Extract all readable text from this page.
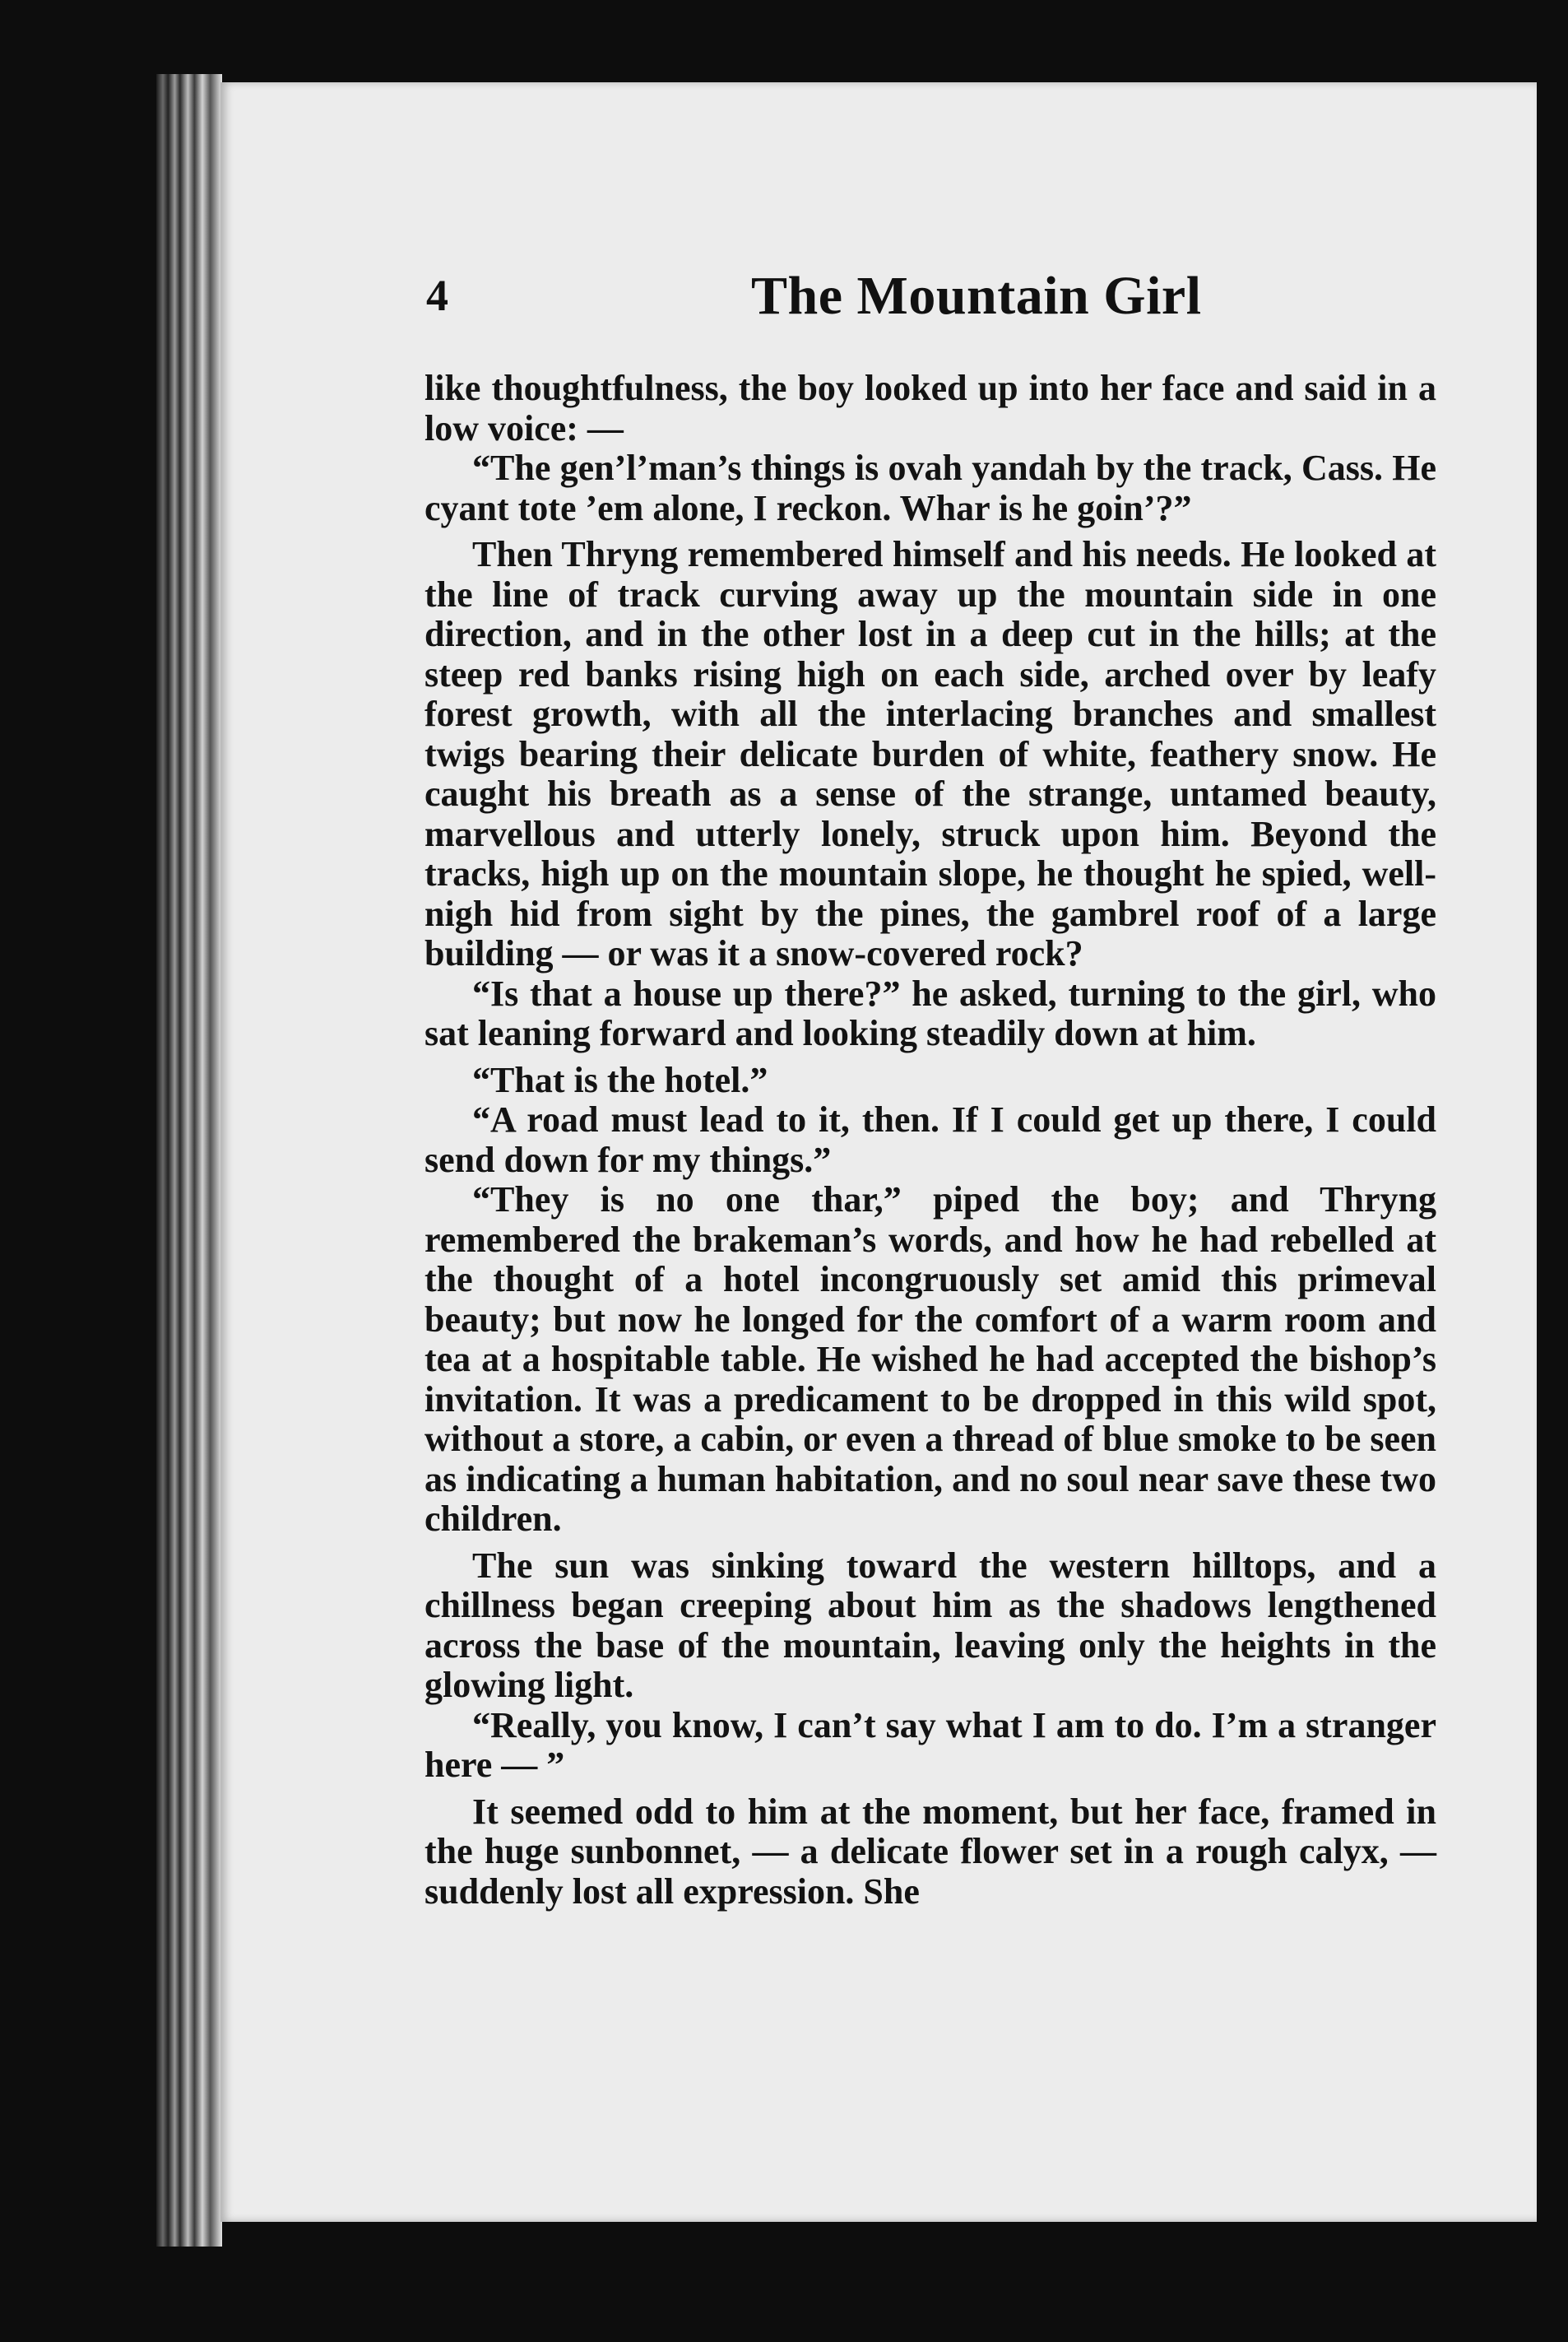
4	The Mountain Girl

like thoughtfulness, the boy looked up into her face and said in a low voice: —

“The gen’l’man’s things is ovah yandah by the track, Cass. He cyant tote ’em alone, I reckon. Whar is he goin’?”

Then Thryng remembered himself and his needs. He looked at the line of track curving away up the mountain side in one direction, and in the other lost in a deep cut in the hills; at the steep red banks rising high on each side, arched over by leafy forest growth, with all the interlacing branches and smallest twigs bearing their delicate burden of white, feathery snow. He caught his breath as a sense of the strange, untamed beauty, marvellous and utterly lonely, struck upon him. Beyond the tracks, high up on the mountain slope, he thought he spied, well-nigh hid from sight by the pines, the gambrel roof of a large building — or was it a snow-covered rock?

“Is that a house up there?” he asked, turning to the girl, who sat leaning forward and looking steadily down at him.

“That is the hotel.”

“A road must lead to it, then. If I could get up there, I could send down for my things.”

“They is no one thar,” piped the boy; and Thryng remembered the brakeman’s words, and how he had rebelled at the thought of a hotel incongruously set amid this primeval beauty; but now he longed for the comfort of a warm room and tea at a hospitable table. He wished he had accepted the bishop’s invitation. It was a predicament to be dropped in this wild spot, without a store, a cabin, or even a thread of blue smoke to be seen as indicating a human habitation, and no soul near save these two children.

The sun was sinking toward the western hilltops, and a chillness began creeping about him as the shadows lengthened across the base of the mountain, leaving only the heights in the glowing light.

“Really, you know, I can’t say what I am to do. I’m a stranger here — ”

It seemed odd to him at the moment, but her face, framed in the huge sunbonnet, — a delicate flower set in a rough calyx, — suddenly lost all expression. She
